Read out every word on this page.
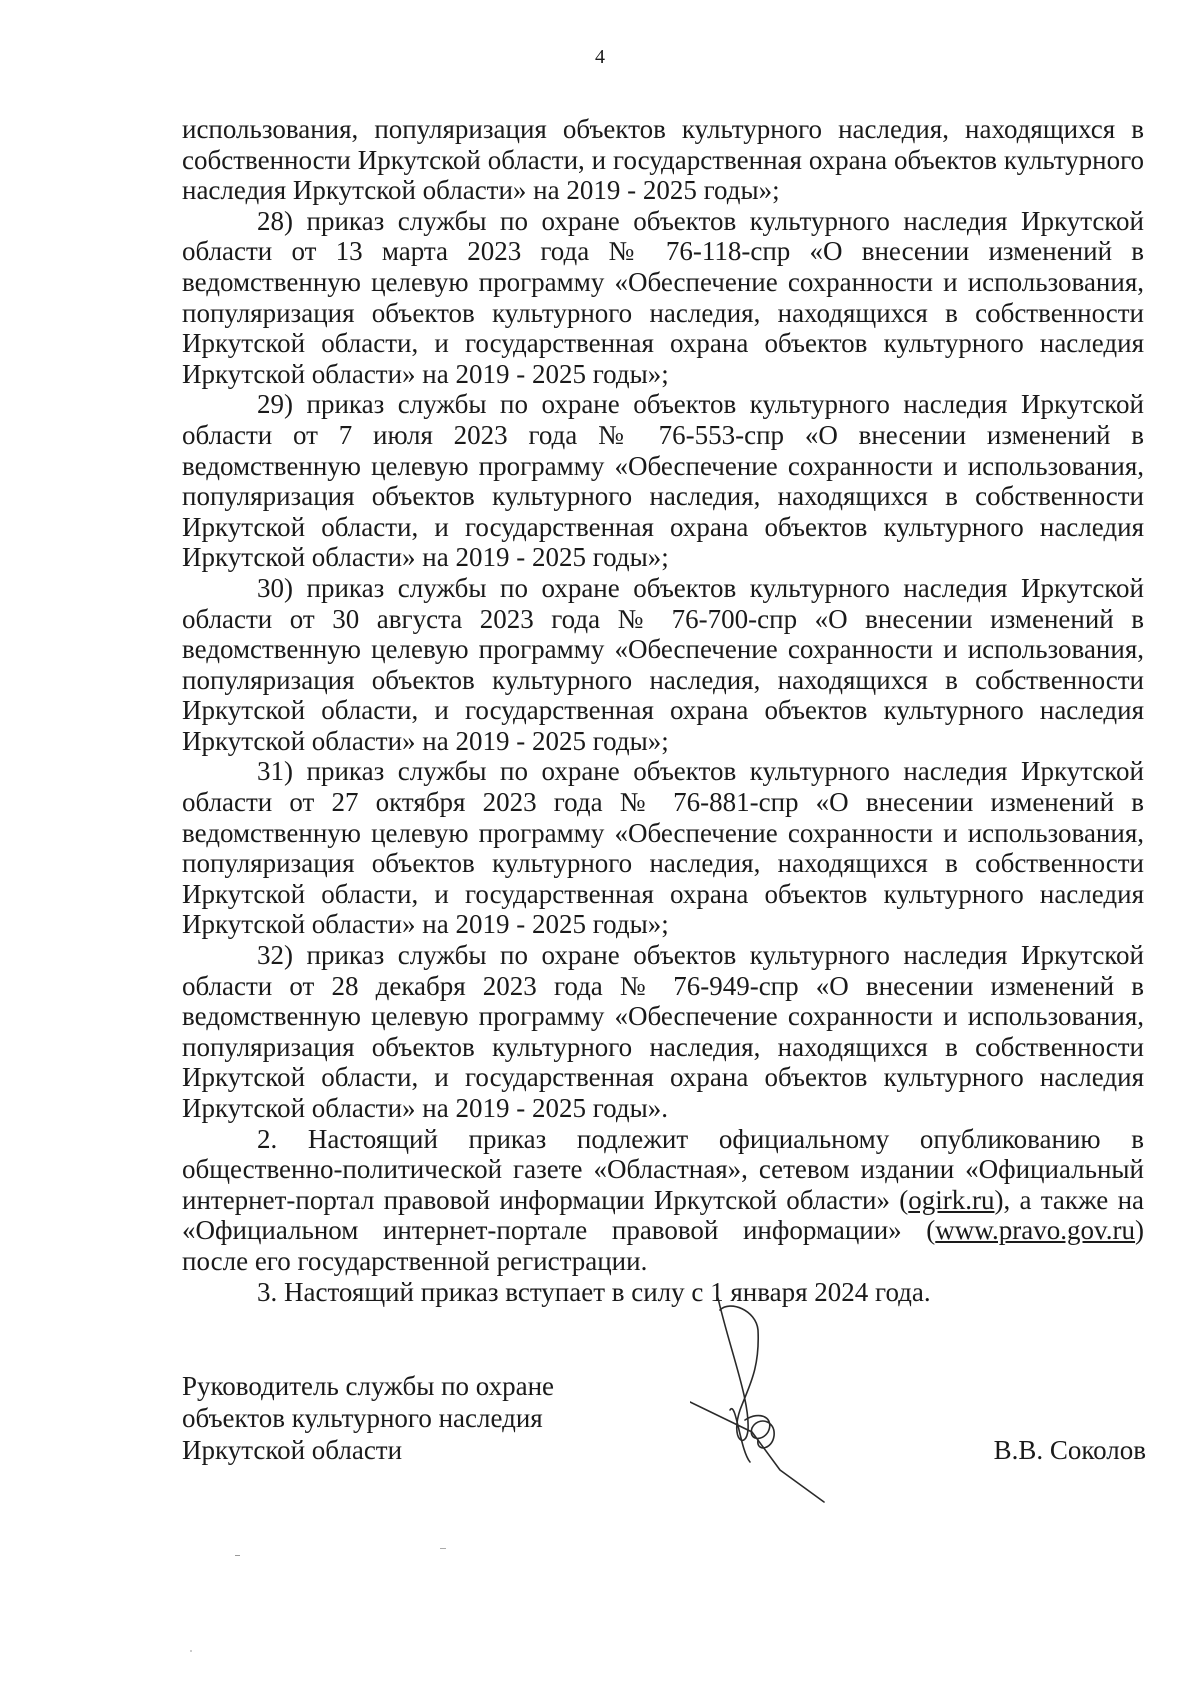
4

использования, популяризация объектов культурного наследия, находящихся в собственности Иркутской области, и государственная охрана объектов культурного наследия Иркутской области» на 2019 - 2025 годы»;

28) приказ службы по охране объектов культурного наследия Иркутской области от 13 марта 2023 года № 76-118-спр «О внесении изменений в ведомственную целевую программу «Обеспечение сохранности и использования, популяризация объектов культурного наследия, находящихся в собственности Иркутской области, и государственная охрана объектов культурного наследия Иркутской области» на 2019 - 2025 годы»;

29) приказ службы по охране объектов культурного наследия Иркутской области от 7 июля 2023 года № 76-553-спр «О внесении изменений в ведомственную целевую программу «Обеспечение сохранности и использования, популяризация объектов культурного наследия, находящихся в собственности Иркутской области, и государственная охрана объектов культурного наследия Иркутской области» на 2019 - 2025 годы»;

30) приказ службы по охране объектов культурного наследия Иркутской области от 30 августа 2023 года № 76-700-спр «О внесении изменений в ведомственную целевую программу «Обеспечение сохранности и использования, популяризация объектов культурного наследия, находящихся в собственности Иркутской области, и государственная охрана объектов культурного наследия Иркутской области» на 2019 - 2025 годы»;

31) приказ службы по охране объектов культурного наследия Иркутской области от 27 октября 2023 года № 76-881-спр «О внесении изменений в ведомственную целевую программу «Обеспечение сохранности и использования, популяризация объектов культурного наследия, находящихся в собственности Иркутской области, и государственная охрана объектов культурного наследия Иркутской области» на 2019 - 2025 годы»;

32) приказ службы по охране объектов культурного наследия Иркутской области от 28 декабря 2023 года № 76-949-спр «О внесении изменений в ведомственную целевую программу «Обеспечение сохранности и использования, популяризация объектов культурного наследия, находящихся в собственности Иркутской области, и государственная охрана объектов культурного наследия Иркутской области» на 2019 - 2025 годы».

2. Настоящий приказ подлежит официальному опубликованию в общественно-политической газете «Областная», сетевом издании «Официальный интернет-портал правовой информации Иркутской области» (ogirk.ru), а также на «Официальном интернет-портале правовой информации» (www.pravo.gov.ru) после его государственной регистрации.

3. Настоящий приказ вступает в силу с 1 января 2024 года.

Руководитель службы по охране
объектов культурного наследия
Иркутской области	В.В. Соколов
